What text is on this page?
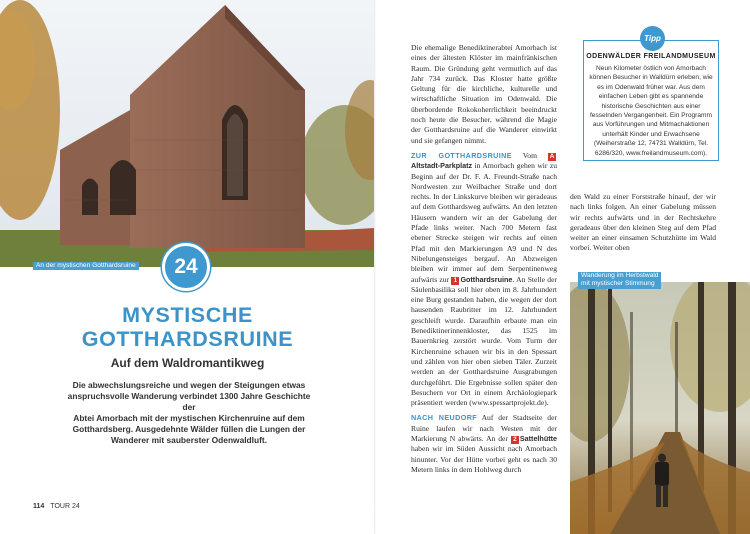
An der mystischen Gotthardsruine	24
MYSTISCHE
GOTTHARDSRUINE
Auf dem Waldromantikweg
Die abwechslungsreiche und wegen der Steigungen etwas
anspruchsvolle Wanderung verbindet 1300 Jahre Geschichte der
Abtei Amorbach mit der mystischen Kirchenruine auf dem
Gotthardsberg. Ausgedehnte Wälder füllen die Lungen der
Wanderer mit sauberster Odenwaldluft.
114 TOUR 24

Die ehemalige Benediktinerabtei Amorbach ist eines der ältesten Klöster im mainfränkischen Raum. Die Gründung geht vermutlich auf das Jahr 734 zurück. Das Kloster hatte größte Geltung für die kirchliche, kulturelle und wirtschaftliche Situation im Odenwald. Die überbordende Rokokoherrlichkeit beeindruckt noch heute die Besucher, während die Magie der Gotthardsruine auf die Wanderer einwirkt und sie gefangen nimmt.

ZUR GOTTHARDSRUINE Vom AAltstadt-Parkplatz in Amorbach gehen wir zu Beginn auf der Dr. F. A. Freundt-Straße nach Nordwesten zur Weilbacher Straße und dort rechts. In der Linkskurve bleiben wir geradeaus auf dem Gotthardsweg aufwärts. An den letzten Häusern wandern wir an der Gabelung der Pfade links weiter. Nach 700 Metern fast ebener Strecke steigen wir rechts auf einen Pfad mit den Markierungen A9 und N des Nibelungensteiges bergauf. An Abzweigen bleiben wir immer auf dem Serpentinenweg aufwärts zur 1 Gotthardsruine. An Stelle der Säulenbasilika soll hier oben im 8. Jahrhundert eine Burg gestanden haben, die wegen der dort hausenden Raubritter im 12. Jahrhundert geschleift wurde. Daraufhin erbaute man ein Benediktinerinnenkloster, das 1525 im Bauernkrieg zerstört wurde. Vom Turm der Kirchenruine schauen wir bis in den Spessart und zählen von hier oben sieben Täler. Zurzeit werden an der Gotthardsruine Ausgrabungen durchgeführt. Die Ergebnisse sollen später den Besuchern vor Ort in einem Archäologiepark präsentiert werden (www.spessartprojekt.de).

NACH NEUDORF Auf der Stadtseite der Ruine laufen wir nach Westen mit der Markierung N abwärts. An der 2 Sattelhütte haben wir im Süden Aussicht nach Amorbach hinunter. Vor der Hütte vorbei geht es nach 30 Metern links in dem Hohlweg durch

Tipp
ODENWÄLDER FREILANDMUSEUM
Neun Kilometer östlich von Amorbach können Besucher in Walldürn erleben, wie es im Odenwald früher war. Aus dem einfachen Leben gibt es spannende historische Geschichten aus einer fesselnden Vergangenheit. Ein Programm aus Vorführungen und Mitmachaktionen unterhält Kinder und Erwachsene (Weiherstraße 12, 74731 Walldürn, Tel. 6286/320, www.freilandmuseum.com).

den Wald zu einer Forststraße hinauf, der wir nach links folgen. An einer Gabelung müssen wir rechts aufwärts und in der Rechtskehre geradeaus über den kleinen Steg auf dem Pfad weiter an einer einsamen Schutzhütte im Wald vorbei. Weiter oben

Wanderung im Herbstwald
mit mystischer Stimmung
